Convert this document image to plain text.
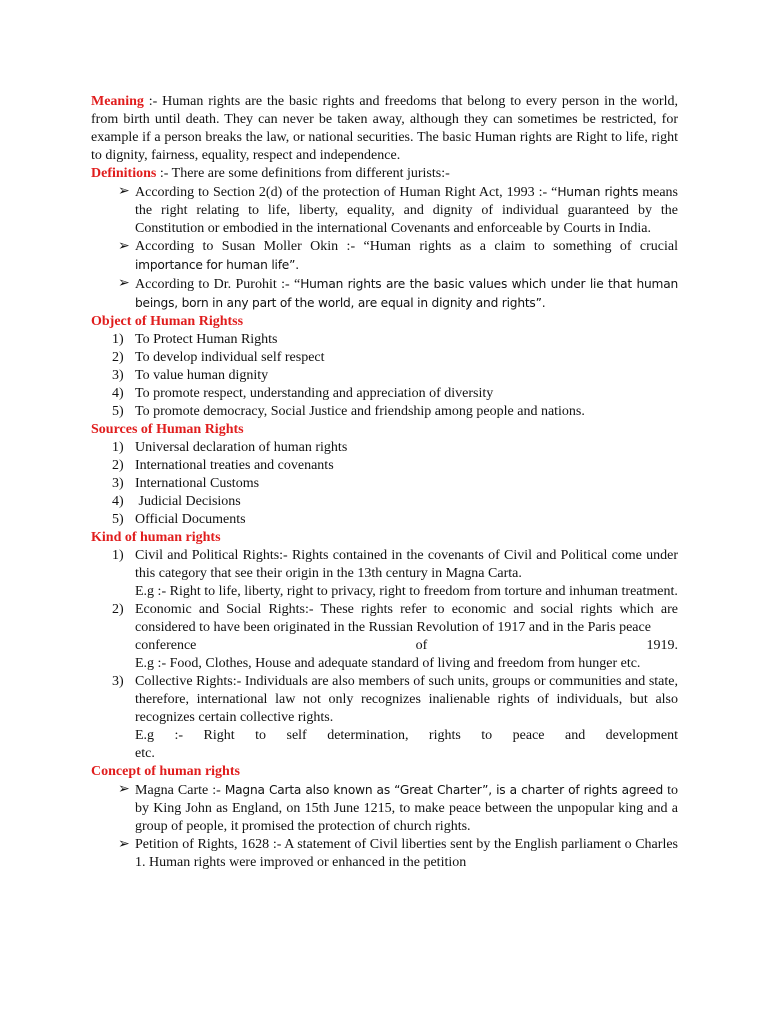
Meaning :- Human rights are the basic rights and freedoms that belong to every person in the world, from birth until death. They can never be taken away, although they can sometimes be restricted, for example if a person breaks the law, or national securities. The basic Human rights are Right to life, right to dignity, fairness, equality, respect and independence.

Definitions :- There are some definitions from different jurists:-

➢ According to Section 2(d) of the protection of Human Right Act, 1993 :- “Human rights means the right relating to life, liberty, equality, and dignity of individual guaranteed by the Constitution or embodied in the international Covenants and enforceable by Courts in India.
➢ According to Susan Moller Okin :- “Human rights as a claim to something of crucial importance for human life”.
➢ According to Dr. Purohit :- “Human rights are the basic values which under lie that human beings, born in any part of the world, are equal in dignity and rights”.
Object of Human Rightss
1) To Protect Human Rights
2) To develop individual self respect
3) To value human dignity
4) To promote respect, understanding and appreciation of diversity
5) To promote democracy, Social Justice and friendship among people and nations.
Sources of Human Rights
1) Universal declaration of human rights
2) International treaties and covenants
3) International Customs
4) Judicial Decisions
5) Official Documents
Kind of human rights
1) Civil and Political Rights:- Rights contained in the covenants of Civil and Political come under this category that see their origin in the 13th century in Magna Carta.
E.g :- Right to life, liberty, right to privacy, right to freedom from torture and inhuman treatment.
2) Economic and Social Rights:- These rights refer to economic and social rights which are considered to have been originated in the Russian Revolution of 1917 and in the Paris peace
conference	of	1919.
E.g :- Food, Clothes, House and adequate standard of living and freedom from hunger etc.
3) Collective Rights:- Individuals are also members of such units, groups or communities and state, therefore, international law not only recognizes inalienable rights of individuals, but also recognizes certain collective rights.
E.g :- Right to self determination, rights to peace and development
etc.
Concept of human rights
➢ Magna Carte :- Magna Carta also known as “Great Charter”, is a charter of rights agreed to by King John as England, on 15th June 1215, to make peace between the unpopular king and a group of people, it promised the protection of church rights.
➢ Petition of Rights, 1628 :- A statement of Civil liberties sent by the English parliament o Charles 1. Human rights were improved or enhanced in the petition
